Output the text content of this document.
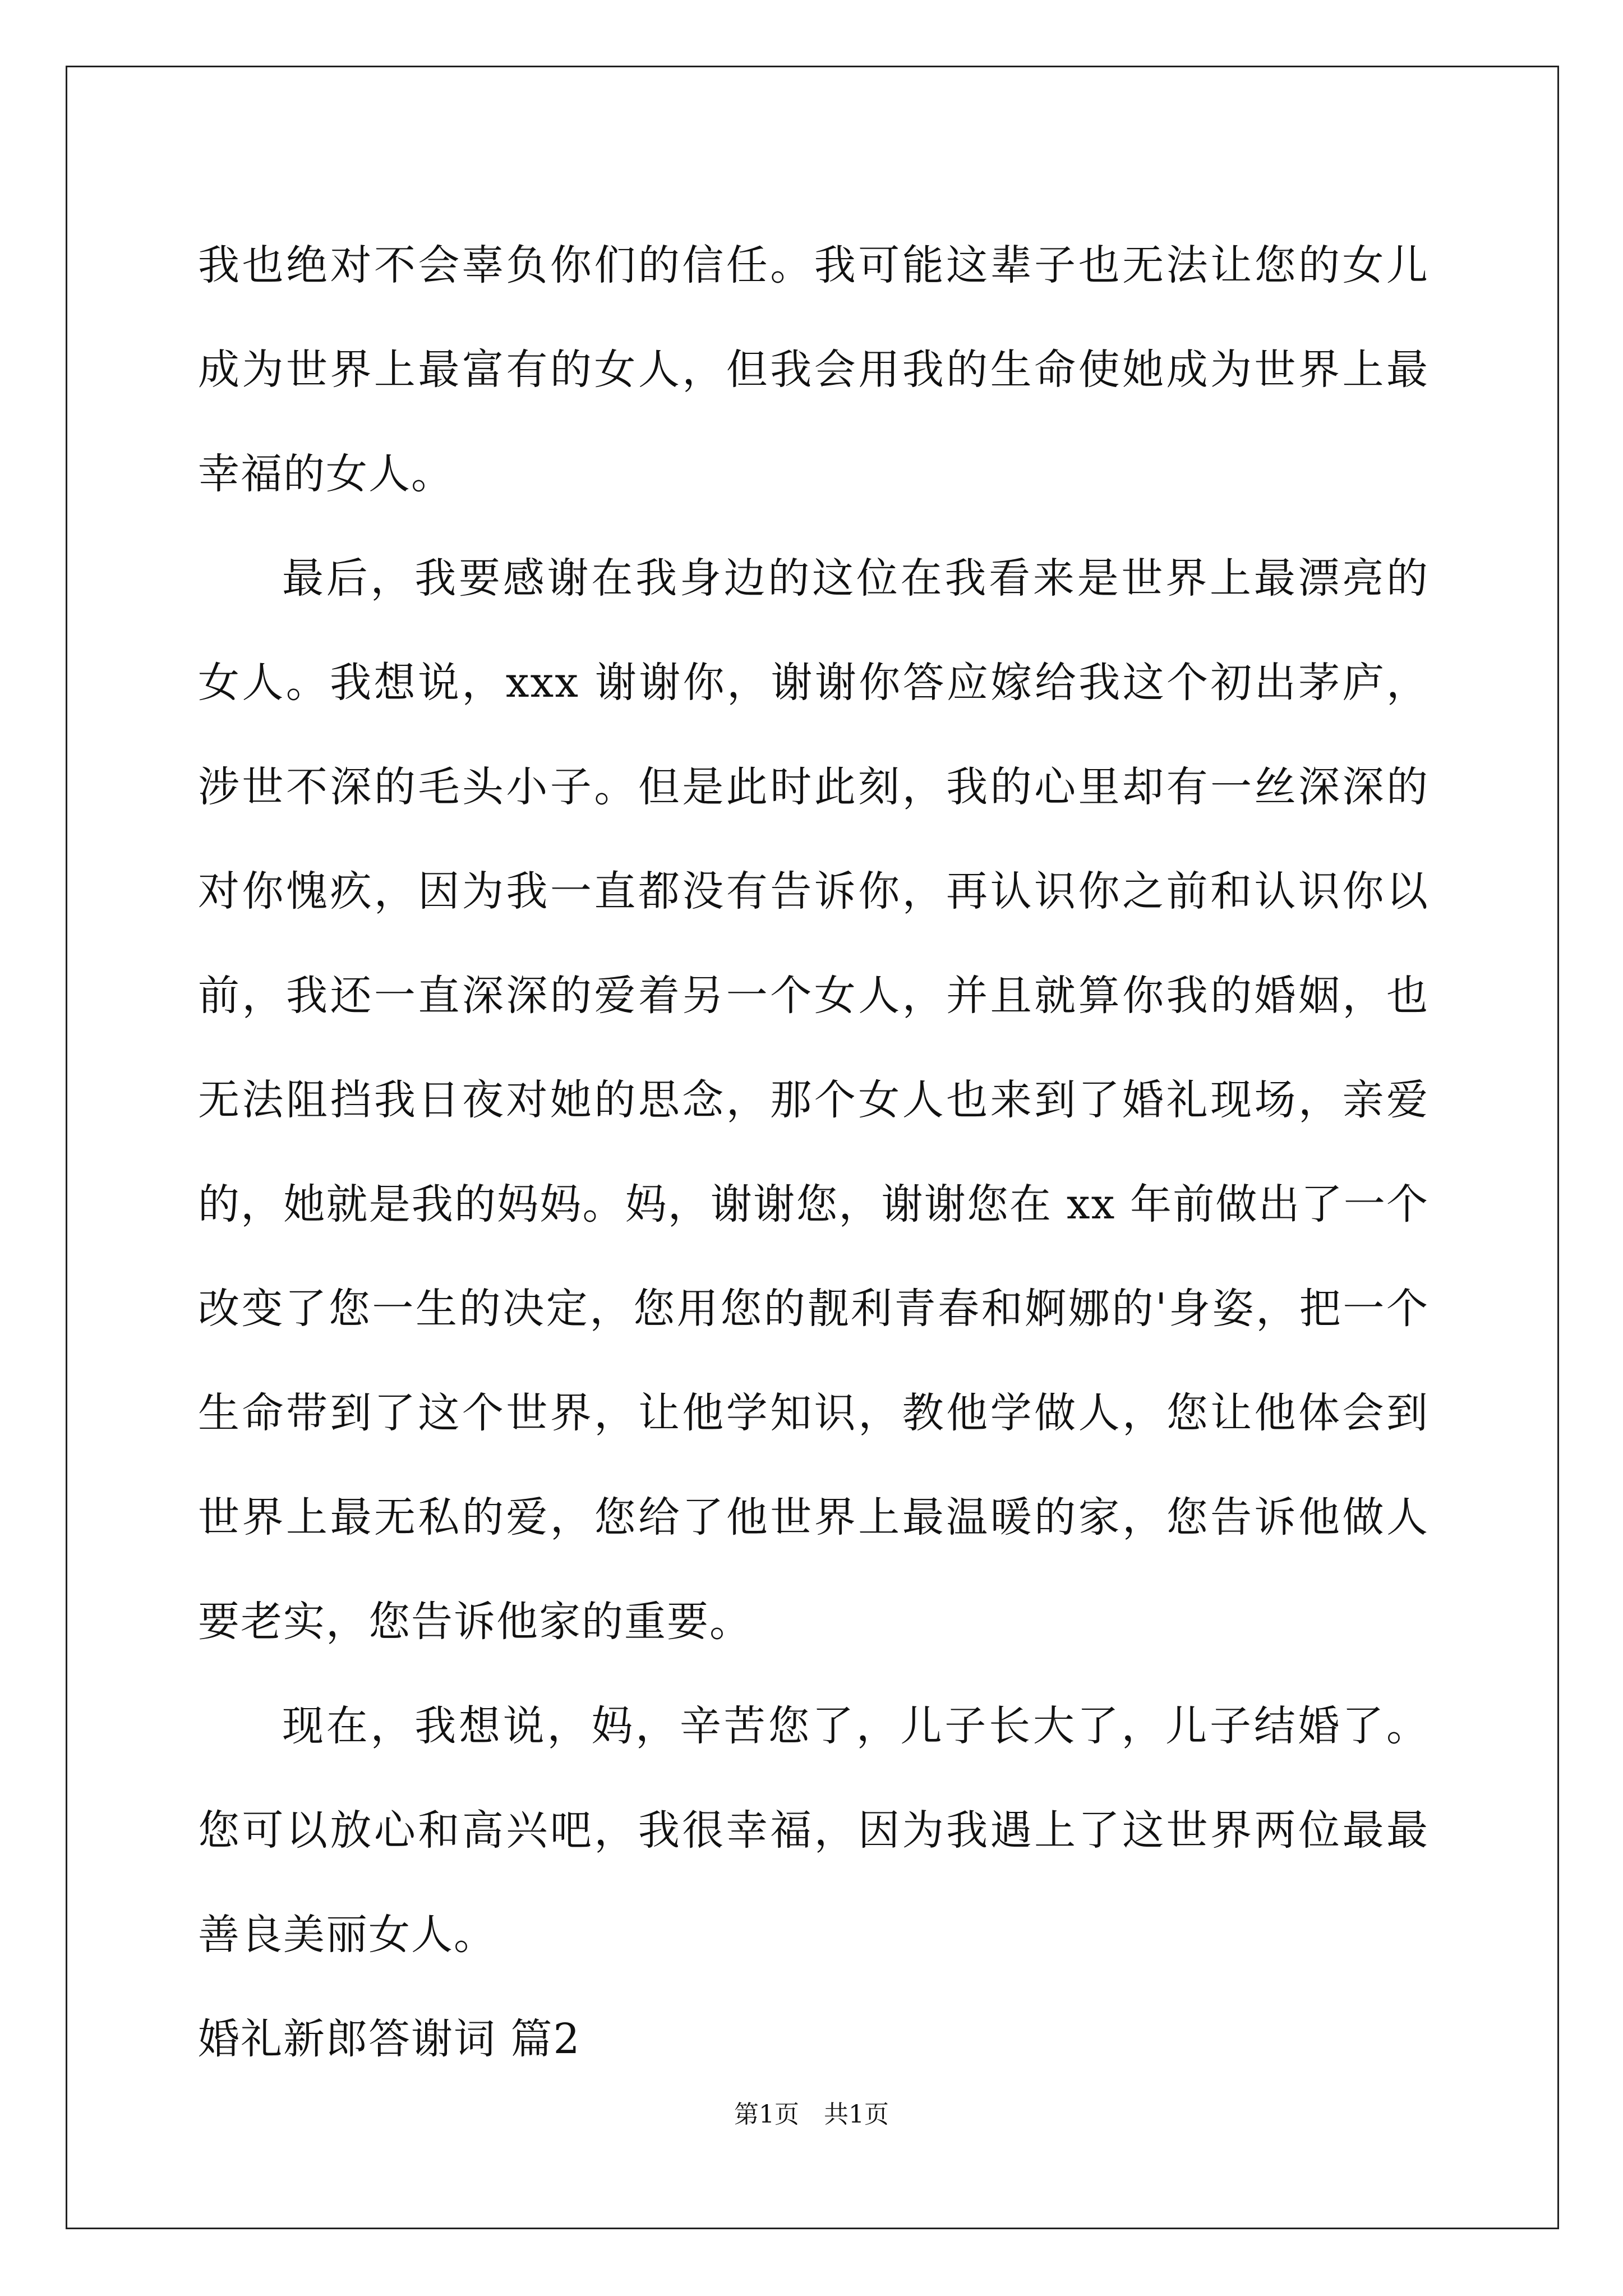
我也绝对不会辜负你们的信任。我可能这辈子也无法让您的女儿成为世界上最富有的女人，但我会用我的生命使她成为世界上最幸福的女人。

最后，我要感谢在我身边的这位在我看来是世界上最漂亮的女人。我想说，xxx 谢谢你，谢谢你答应嫁给我这个初出茅庐，涉世不深的毛头小子。但是此时此刻，我的心里却有一丝深深的对你愧疚，因为我一直都没有告诉你，再认识你之前和认识你以前，我还一直深深的爱着另一个女人，并且就算你我的婚姻，也无法阻挡我日夜对她的思念，那个女人也来到了婚礼现场，亲爱的，她就是我的妈妈。妈，谢谢您，谢谢您在 xx 年前做出了一个改变了您一生的决定，您用您的靓利青春和婀娜的'身姿，把一个生命带到了这个世界，让他学知识，教他学做人，您让他体会到世界上最无私的爱，您给了他世界上最温暖的家，您告诉他做人要老实，您告诉他家的重要。

现在，我想说，妈，辛苦您了，儿子长大了，儿子结婚了。您可以放心和高兴吧，我很幸福，因为我遇上了这世界两位最最善良美丽女人。

婚礼新郎答谢词 篇2

第1页　共1页
